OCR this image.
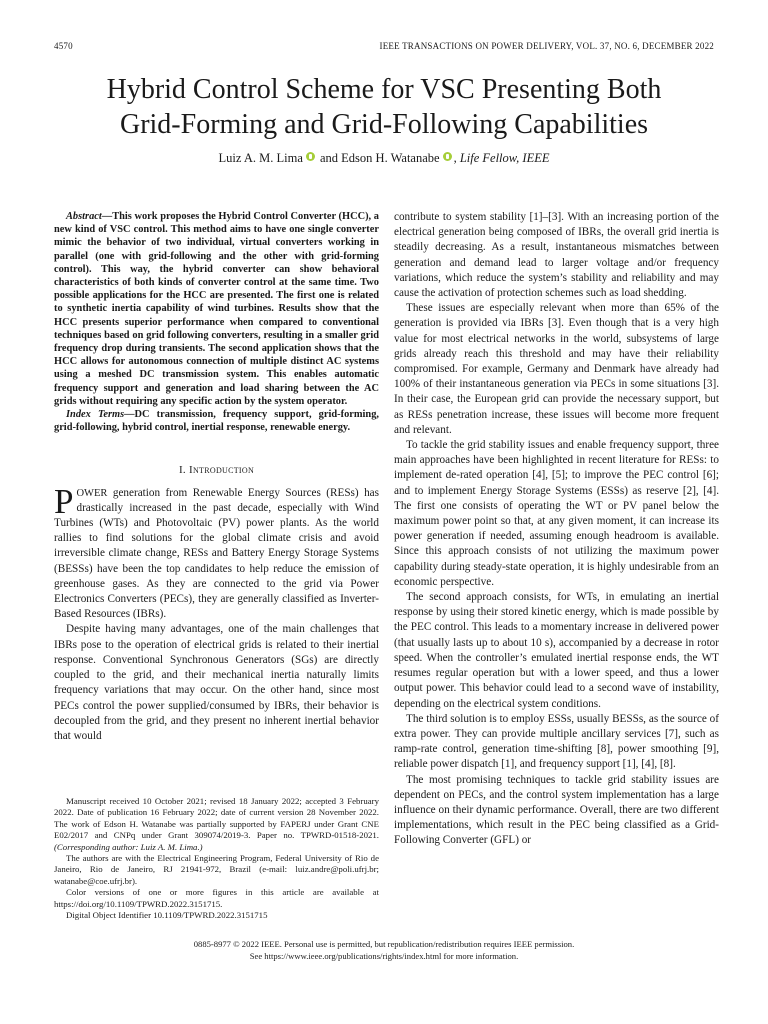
4570	IEEE TRANSACTIONS ON POWER DELIVERY, VOL. 37, NO. 6, DECEMBER 2022
Hybrid Control Scheme for VSC Presenting Both
Grid-Forming and Grid-Following Capabilities
Luiz A. M. Lima and Edson H. Watanabe , Life Fellow, IEEE

Abstract—This work proposes the Hybrid Control Converter (HCC), a new kind of VSC control. This method aims to have one single converter mimic the behavior of two individual, virtual converters working in parallel (one with grid-following and the other with grid-forming control). This way, the hybrid converter can show behavioral characteristics of both kinds of converter control at the same time. Two possible applications for the HCC are presented. The first one is related to synthetic inertia capability of wind turbines. Results show that the HCC presents superior performance when compared to conventional techniques based on grid following converters, resulting in a smaller grid frequency drop during transients. The second application shows that the HCC allows for autonomous connection of multiple distinct AC systems using a meshed DC transmission system. This enables automatic frequency support and generation and load sharing between the AC grids without requiring any specific action by the system operator.

Index Terms—DC transmission, frequency support, grid-forming, grid-following, hybrid control, inertial response, renewable energy.

I. Introduction

POWER generation from Renewable Energy Sources (RESs) has drastically increased in the past decade, especially with Wind Turbines (WTs) and Photovoltaic (PV) power plants. As the world rallies to find solutions for the global climate crisis and avoid irreversible climate change, RESs and Battery Energy Storage Systems (BESSs) have been the top candidates to help reduce the emission of greenhouse gases. As they are connected to the grid via Power Electronics Converters (PECs), they are generally classified as Inverter-Based Resources (IBRs).

Despite having many advantages, one of the main challenges that IBRs pose to the operation of electrical grids is related to their inertial response. Conventional Synchronous Generators (SGs) are directly coupled to the grid, and their mechanical inertia naturally limits frequency variations that may occur. On the other hand, since most PECs control the power supplied/consumed by IBRs, their behavior is decoupled from the grid, and they present no inherent inertial behavior that would

Manuscript received 10 October 2021; revised 18 January 2022; accepted 3 February 2022. Date of publication 16 February 2022; date of current version 28 November 2022. The work of Edson H. Watanabe was partially supported by FAPERJ under Grant CNE E02/2017 and CNPq under Grant 309074/2019-3. Paper no. TPWRD-01518-2021. (Corresponding author: Luiz A. M. Lima.)

The authors are with the Electrical Engineering Program, Federal University of Rio de Janeiro, Rio de Janeiro, RJ 21941-972, Brazil (e-mail: luiz.andre@poli.ufrj.br; watanabe@coe.ufrj.br).

Color versions of one or more figures in this article are available at https://doi.org/10.1109/TPWRD.2022.3151715.

Digital Object Identifier 10.1109/TPWRD.2022.3151715

contribute to system stability [1]–[3]. With an increasing portion of the electrical generation being composed of IBRs, the overall grid inertia is steadily decreasing. As a result, instantaneous mismatches between generation and demand lead to larger voltage and/or frequency variations, which reduce the system’s stability and reliability and may cause the activation of protection schemes such as load shedding.

These issues are especially relevant when more than 65% of the generation is provided via IBRs [3]. Even though that is a very high value for most electrical networks in the world, subsystems of large grids already reach this threshold and may have their reliability compromised. For example, Germany and Denmark have already had 100% of their instantaneous generation via PECs in some situations [3]. In their case, the European grid can provide the necessary support, but as RESs penetration increase, these issues will become more frequent and relevant.

To tackle the grid stability issues and enable frequency support, three main approaches have been highlighted in recent literature for RESs: to implement de-rated operation [4], [5]; to improve the PEC control [6]; and to implement Energy Storage Systems (ESSs) as reserve [2], [4]. The first one consists of operating the WT or PV panel below the maximum power point so that, at any given moment, it can increase its power generation if needed, assuming enough headroom is available. Since this approach consists of not utilizing the maximum power capability during steady-state operation, it is highly undesirable from an economic perspective.

The second approach consists, for WTs, in emulating an inertial response by using their stored kinetic energy, which is made possible by the PEC control. This leads to a momentary increase in delivered power (that usually lasts up to about 10 s), accompanied by a decrease in rotor speed. When the controller’s emulated inertial response ends, the WT resumes regular operation but with a lower speed, and thus a lower output power. This behavior could lead to a second wave of instability, depending on the electrical system conditions.

The third solution is to employ ESSs, usually BESSs, as the source of extra power. They can provide multiple ancillary services [7], such as ramp-rate control, generation time-shifting [8], power smoothing [9], reliable power dispatch [1], and frequency support [1], [4], [8].

The most promising techniques to tackle grid stability issues are dependent on PECs, and the control system implementation has a large influence on their dynamic performance. Overall, there are two different implementations, which result in the PEC being classified as a Grid-Following Converter (GFL) or

0885-8977 © 2022 IEEE. Personal use is permitted, but republication/redistribution requires IEEE permission.
See https://www.ieee.org/publications/rights/index.html for more information.
